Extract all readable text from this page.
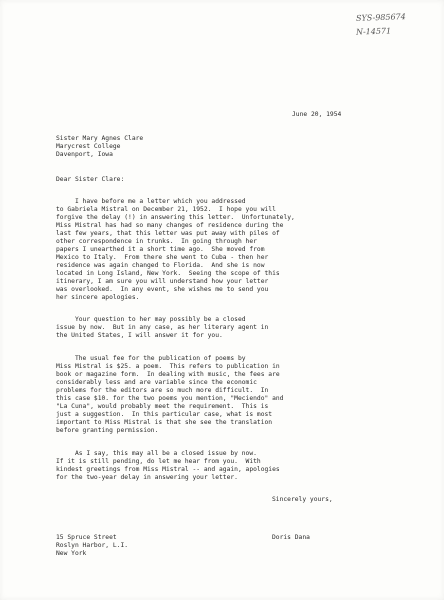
SYS-985674
N-14571
June 20, 1954
Sister Mary Agnes Clare
Marycrest College
Davenport, Iowa
Dear Sister Clare:
I have before me a letter which you addressed
to Gabriela Mistral on December 21, 1952.  I hope you will
forgive the delay (!) in answering this letter.  Unfortunately,
Miss Mistral has had so many changes of residence during the
last few years, that this letter was put away with piles of
other correspondence in trunks.  In going through her
papers I unearthed it a short time ago.  She moved from
Mexico to Italy.  From there she went to Cuba - then her
residence was again changed to Florida.  And she is now
located in Long Island, New York.  Seeing the scope of this
itinerary, I am sure you will understand how your letter
was overlooked.  In any event, she wishes me to send you
her sincere apologies.
Your question to her may possibly be a closed
issue by now.  But in any case, as her literary agent in
the United States, I will answer it for you.
The usual fee for the publication of poems by
Miss Mistral is $25. a poem.  This refers to publication in
book or magazine form.  In dealing with music, the fees are
considerably less and are variable since the economic
problems for the editors are so much more difficult.  In
this case $10. for the two poems you mention, "Meciendo" and
"La Cuna", would probably meet the requirement.  This is
just a suggestion.  In this particular case, what is most
important to Miss Mistral is that she see the translation
before granting permission.
As I say, this may all be a closed issue by now.
If it is still pending, do let me hear from you.  With
kindest greetings from Miss Mistral -- and again, apologies
for the two-year delay in answering your letter.
Sincerely yours,
Doris Dana
15 Spruce Street
Roslyn Harbor, L.I.
New York
